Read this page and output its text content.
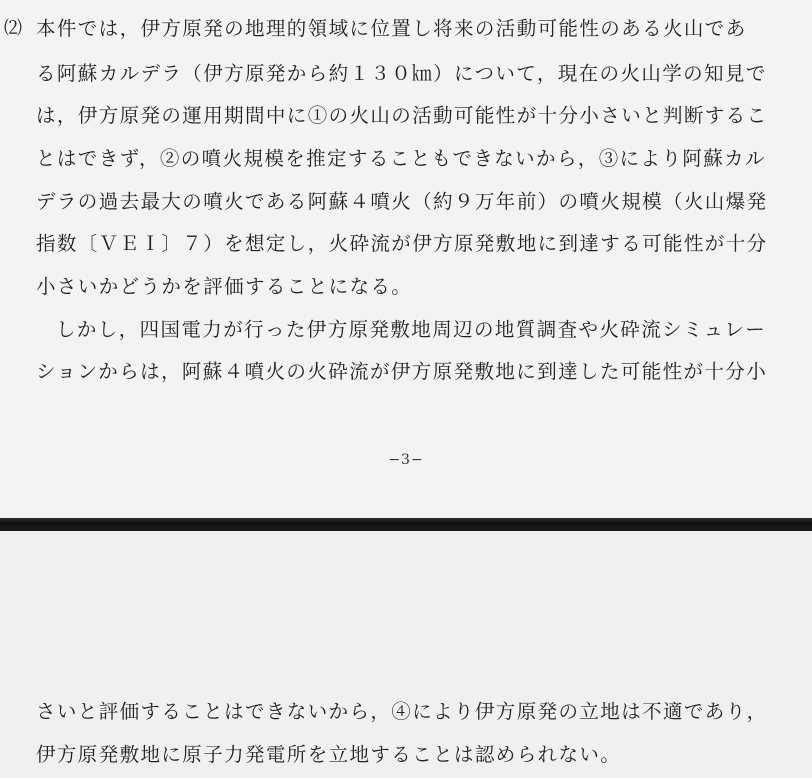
⑵ 本件では，伊方原発の地理的領域に位置し将来の活動可能性のある火山であ
る阿蘇カルデラ（伊方原発から約１３０㎞）について，現在の火山学の知見で
は，伊方原発の運用期間中に①の火山の活動可能性が十分小さいと判断するこ
とはできず，②の噴火規模を推定することもできないから，③により阿蘇カル
デラの過去最大の噴火である阿蘇４噴火（約９万年前）の噴火規模（火山爆発
指数〔ＶＥＩ〕７）を想定し，火砕流が伊方原発敷地に到達する可能性が十分
小さいかどうかを評価することになる。
しかし，四国電力が行った伊方原発敷地周辺の地質調査や火砕流シミュレー
ションからは，阿蘇４噴火の火砕流が伊方原発敷地に到達した可能性が十分小
−3−
さいと評価することはできないから，④により伊方原発の立地は不適であり，
伊方原発敷地に原子力発電所を立地することは認められない。
